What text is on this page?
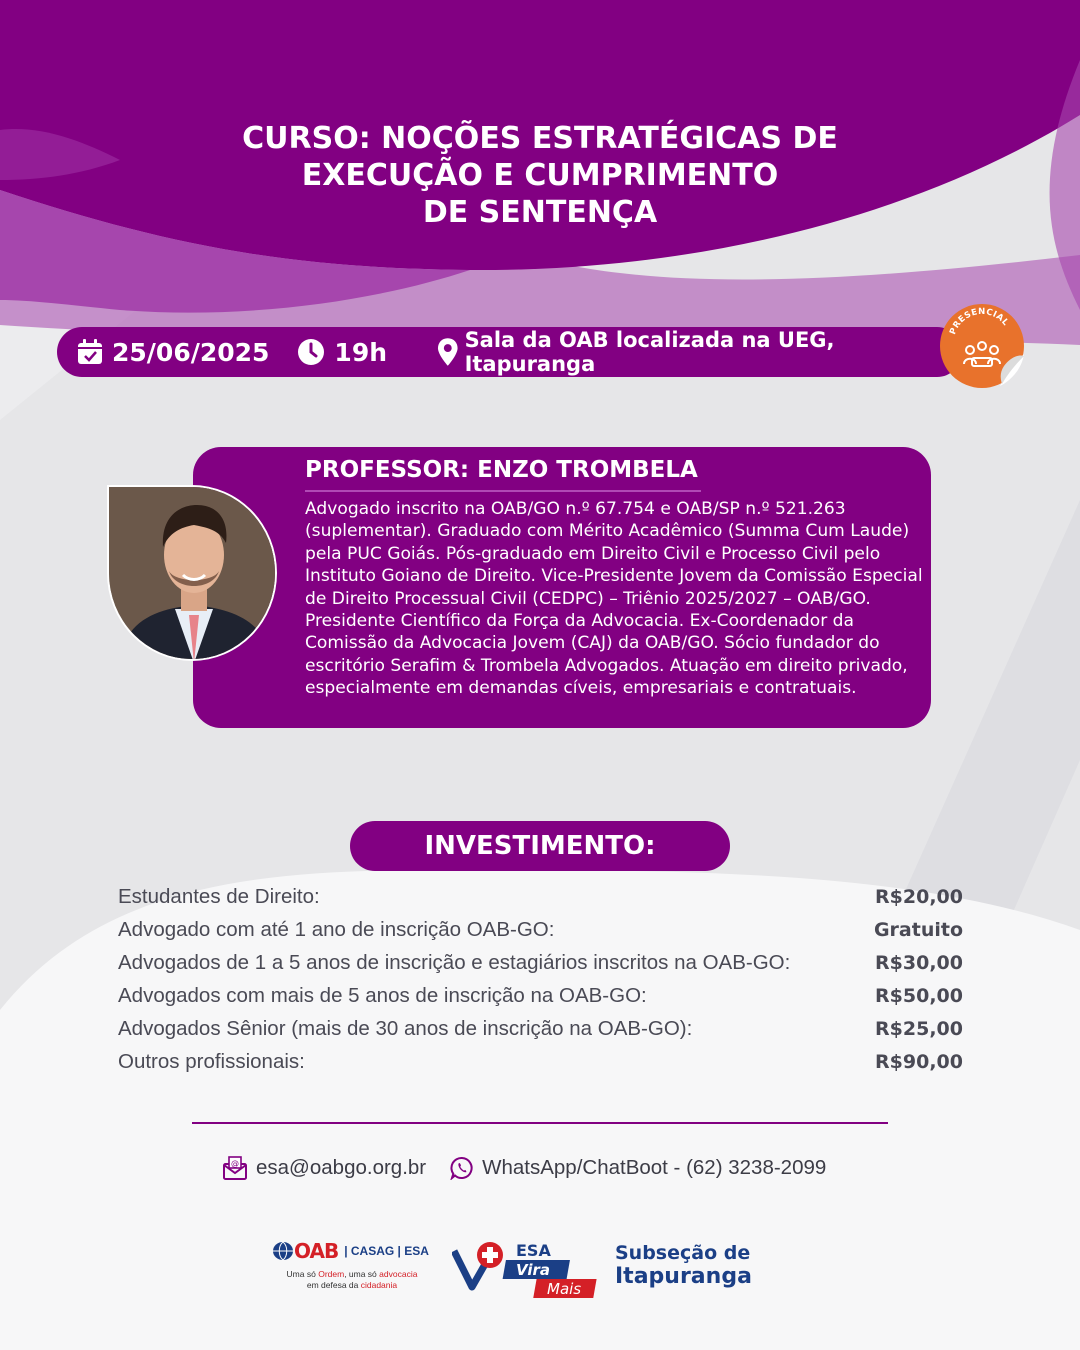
CURSO: NOÇÕES ESTRATÉGICAS DE
EXECUÇÃO E CUMPRIMENTO
DE SENTENÇA
25/06/2025	19h	Sala da OAB localizada na UEG, Itapuranga
PRESENCIAL
PROFESSOR: ENZO TROMBELA
Advogado inscrito na OAB/GO n.º 67.754 e OAB/SP n.º 521.263 (suplementar). Graduado com Mérito Acadêmico (Summa Cum Laude) pela PUC Goiás. Pós-graduado em Direito Civil e Processo Civil pelo Instituto Goiano de Direito. Vice-Presidente Jovem da Comissão Especial de Direito Processual Civil (CEDPC) – Triênio 2025/2027 – OAB/GO. Presidente Científico da Força da Advocacia. Ex-Coordenador da Comissão da Advocacia Jovem (CAJ) da OAB/GO. Sócio fundador do escritório Serafim & Trombela Advogados. Atuação em direito privado, especialmente em demandas cíveis, empresariais e contratuais.
INVESTIMENTO:
Estudantes de Direito:	R$20,00
Advogado com até 1 ano de inscrição OAB-GO:	Gratuito
Advogados de 1 a 5 anos de inscrição e estagiários inscritos na OAB-GO:	R$30,00
Advogados com mais de 5 anos de inscrição na OAB-GO:	R$50,00
Advogados Sênior (mais de 30 anos de inscrição na OAB-GO):	R$25,00
Outros profissionais:	R$90,00
@ esa@oabgo.org.br	WhatsApp/ChatBoot - (62) 3238-2099
OAB | CASAG | ESA
Uma só Ordem, uma só advocacia
em defesa da cidadania
ESA
Vira
Mais
Subseção de
Itapuranga
